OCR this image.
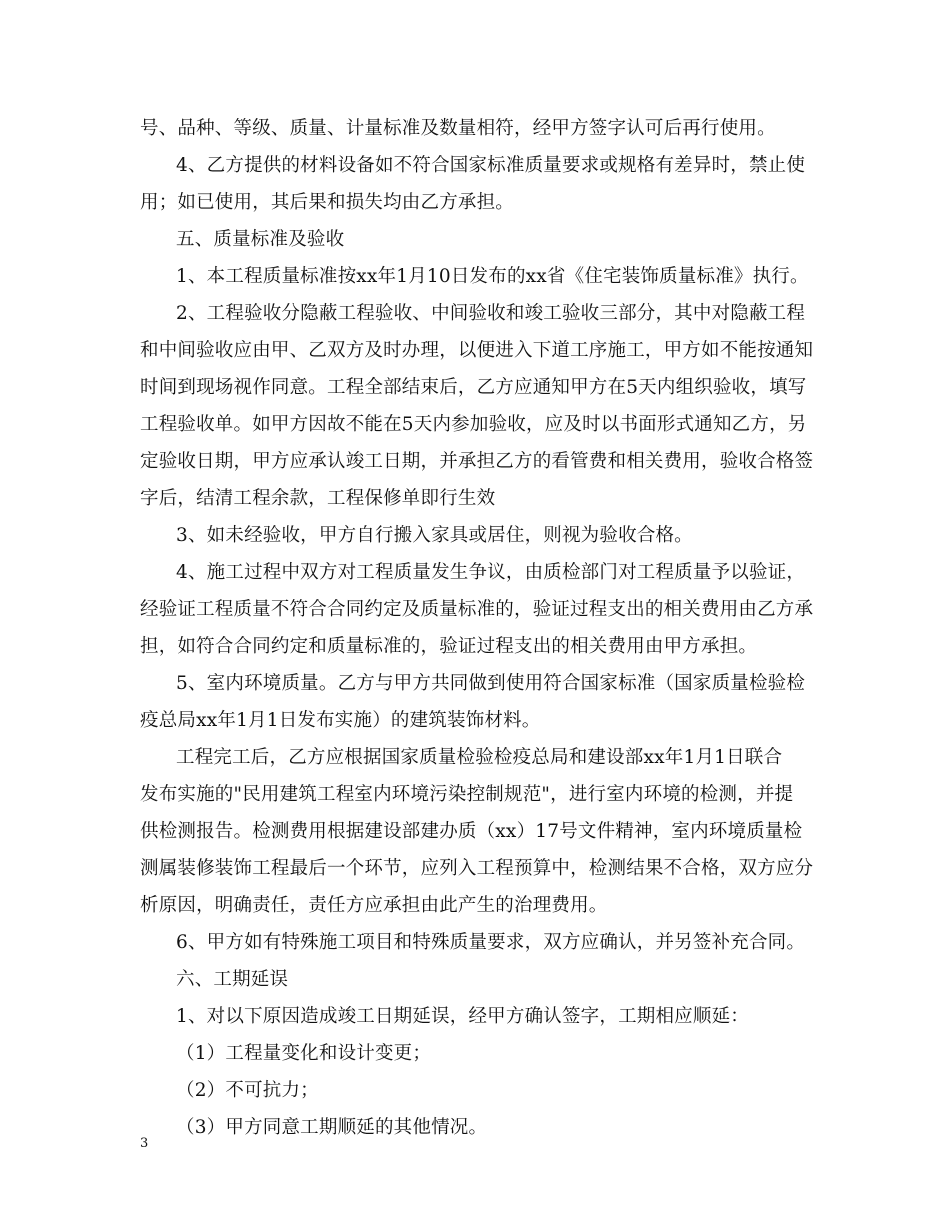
号、品种、等级、质量、计量标准及数量相符，经甲方签字认可后再行使用。
4、乙方提供的材料设备如不符合国家标准质量要求或规格有差异时，禁止使
用；如已使用，其后果和损失均由乙方承担。
五、质量标准及验收
1、本工程质量标准按xx年1月10日发布的xx省《住宅装饰质量标准》执行。
2、工程验收分隐蔽工程验收、中间验收和竣工验收三部分，其中对隐蔽工程
和中间验收应由甲、乙双方及时办理，以便进入下道工序施工，甲方如不能按通知
时间到现场视作同意。工程全部结束后，乙方应通知甲方在5天内组织验收，填写
工程验收单。如甲方因故不能在5天内参加验收，应及时以书面形式通知乙方，另
定验收日期，甲方应承认竣工日期，并承担乙方的看管费和相关费用，验收合格签
字后，结清工程余款，工程保修单即行生效
3、如未经验收，甲方自行搬入家具或居住，则视为验收合格。
4、施工过程中双方对工程质量发生争议，由质检部门对工程质量予以验证，
经验证工程质量不符合合同约定及质量标准的，验证过程支出的相关费用由乙方承
担，如符合合同约定和质量标准的，验证过程支出的相关费用由甲方承担。
5、室内环境质量。乙方与甲方共同做到使用符合国家标准（国家质量检验检
疫总局xx年1月1日发布实施）的建筑装饰材料。
工程完工后，乙方应根据国家质量检验检疫总局和建设部xx年1月1日联合
发布实施的"民用建筑工程室内环境污染控制规范"，进行室内环境的检测，并提
供检测报告。检测费用根据建设部建办质（xx）17号文件精神，室内环境质量检
测属装修装饰工程最后一个环节，应列入工程预算中，检测结果不合格，双方应分
析原因，明确责任，责任方应承担由此产生的治理费用。
6、甲方如有特殊施工项目和特殊质量要求，双方应确认，并另签补充合同。
六、工期延误
1、对以下原因造成竣工日期延误，经甲方确认签字，工期相应顺延：
（1）工程量变化和设计变更；
（2）不可抗力；
（3）甲方同意工期顺延的其他情况。
3
